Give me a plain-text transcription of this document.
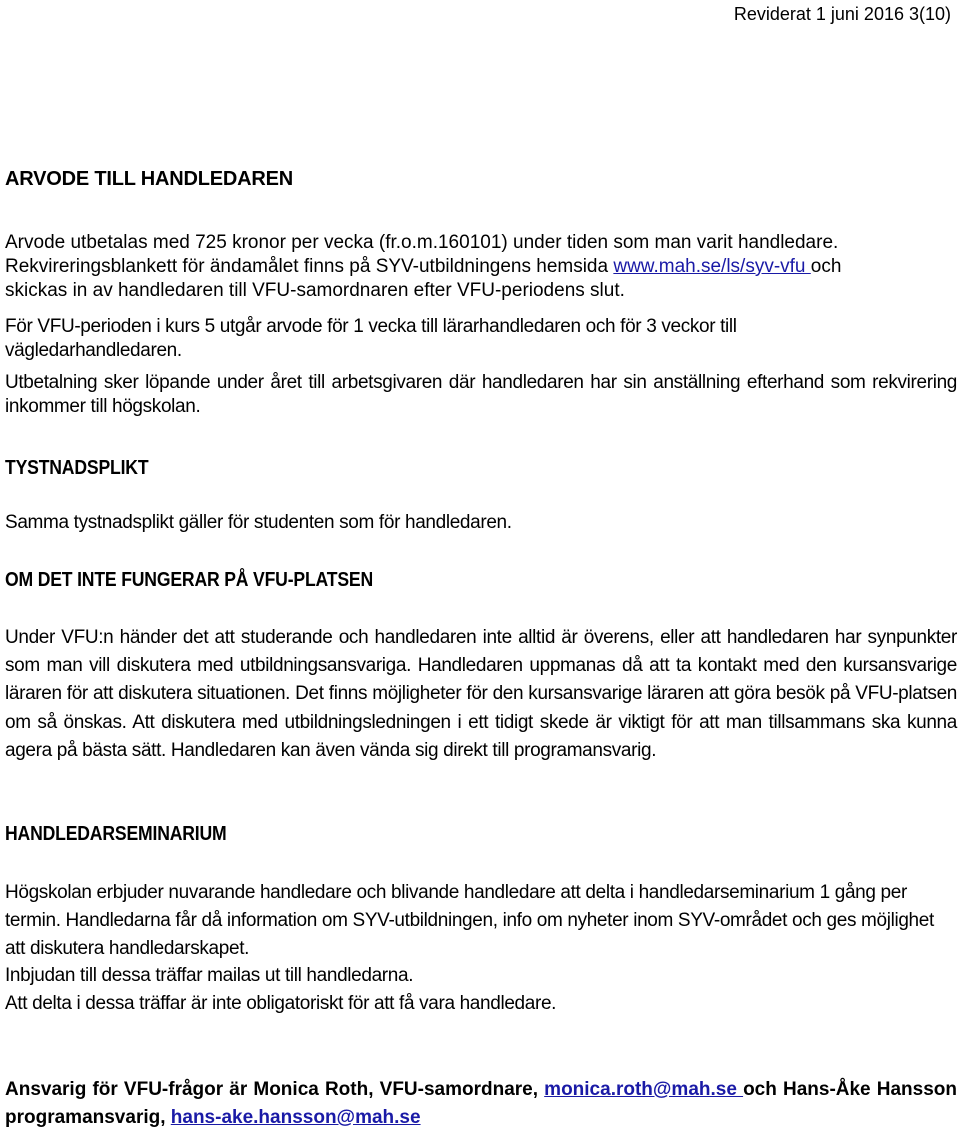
Reviderat 1 juni 2016 3(10)
ARVODE TILL HANDLEDAREN
Arvode utbetalas med 725 kronor per vecka (fr.o.m.160101) under tiden som man varit handledare.
Rekvireringsblankett för ändamålet finns på SYV-utbildningens hemsida www.mah.se/ls/syv-vfu och
skickas in av handledaren till VFU-samordnaren efter VFU-periodens slut.
För VFU-perioden i kurs 5 utgår arvode för 1 vecka till lärarhandledaren och för 3 veckor till vägledarhandledaren.
Utbetalning sker löpande under året till arbetsgivaren där handledaren har sin anställning efterhand som rekvirering inkommer till högskolan.
TYSTNADSPLIKT
Samma tystnadsplikt gäller för studenten som för handledaren.
OM DET INTE FUNGERAR PÅ VFU-PLATSEN
Under VFU:n händer det att studerande och handledaren inte alltid är överens, eller att handledaren har synpunkter som man vill diskutera med utbildningsansvariga. Handledaren uppmanas då att ta kontakt med den kursansvarige läraren för att diskutera situationen. Det finns möjligheter för den kursansvarige läraren att göra besök på VFU-platsen om så önskas. Att diskutera med utbildningsledningen i ett tidigt skede är viktigt för att man tillsammans ska kunna agera på bästa sätt. Handledaren kan även vända sig direkt till programansvarig.
HANDLEDARSEMINARIUM
Högskolan erbjuder nuvarande handledare och blivande handledare att delta i handledarseminarium 1 gång per termin. Handledarna får då information om SYV-utbildningen, info om nyheter inom SYV-området och ges möjlighet att diskutera handledarskapet.
Inbjudan till dessa träffar mailas ut till handledarna.
Att delta i dessa träffar är inte obligatoriskt för att få vara handledare.
Ansvarig för VFU-frågor är Monica Roth, VFU-samordnare, monica.roth@mah.se och Hans-Åke Hansson programansvarig, hans-ake.hansson@mah.se
